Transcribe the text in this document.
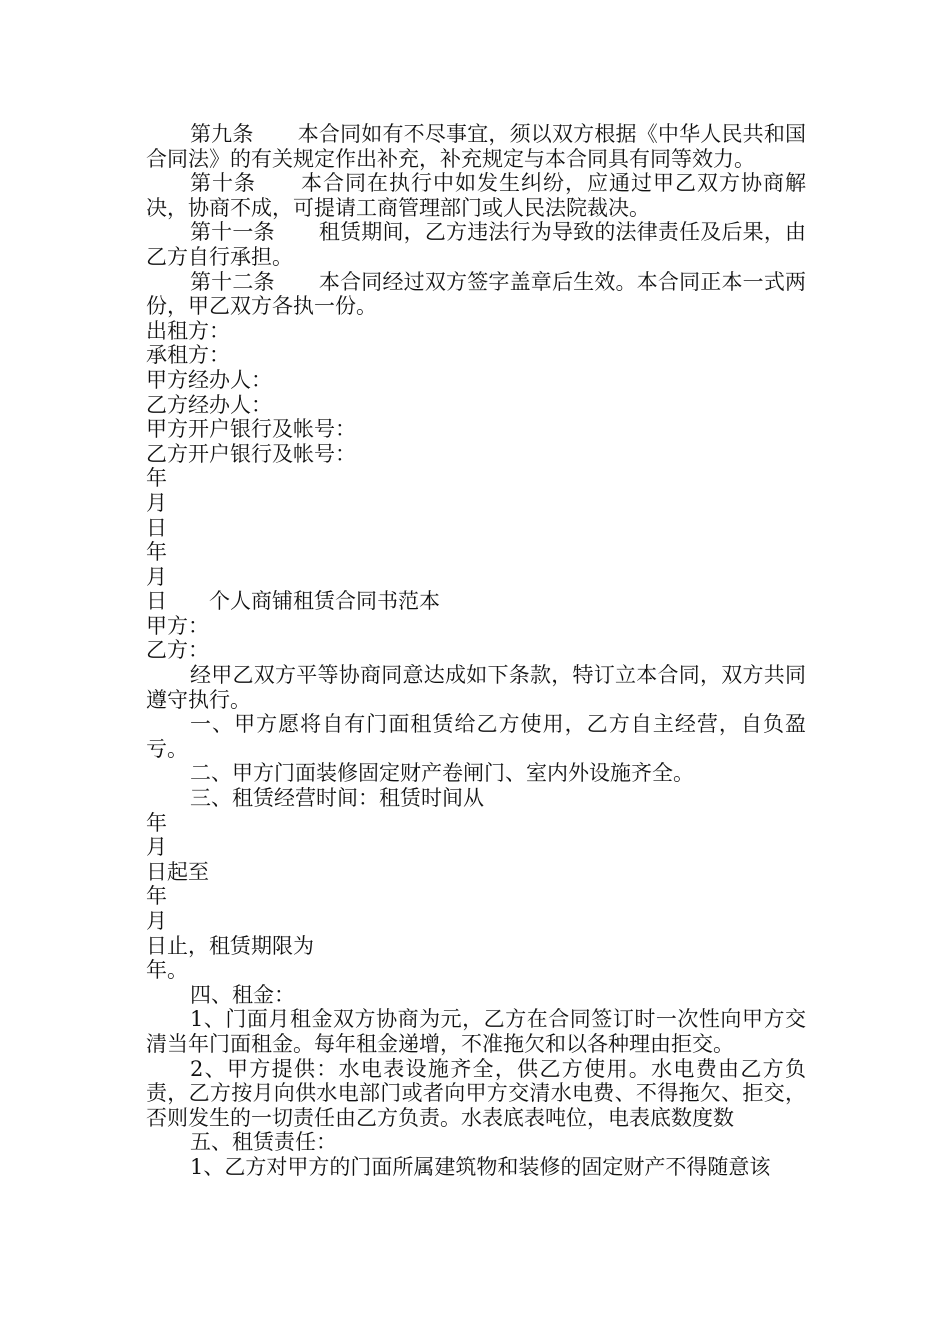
第九条 本合同如有不尽事宜，须以双方根据《中华人民共和国合同法》的有关规定作出补充，补充规定与本合同具有同等效力。

第十条 本合同在执行中如发生纠纷，应通过甲乙双方协商解决，协商不成，可提请工商管理部门或人民法院裁决。

第十一条 租赁期间，乙方违法行为导致的法律责任及后果，由乙方自行承担。

第十二条 本合同经过双方签字盖章后生效。本合同正本一式两份，甲乙双方各执一份。

出租方：

承租方：

甲方经办人：

乙方经办人：

甲方开户银行及帐号：

乙方开户银行及帐号：

年

月

日

年

月

日 个人商铺租赁合同书范本

甲方：

乙方：

经甲乙双方平等协商同意达成如下条款，特订立本合同，双方共同遵守执行。

一、甲方愿将自有门面租赁给乙方使用，乙方自主经营，自负盈亏。

二、甲方门面装修固定财产卷闸门、室内外设施齐全。

三、租赁经营时间：租赁时间从

年

月

日起至

年

月

日止，租赁期限为

年。

四、租金：

1、门面月租金双方协商为元，乙方在合同签订时一次性向甲方交清当年门面租金。每年租金递增，不准拖欠和以各种理由拒交。

2、甲方提供：水电表设施齐全，供乙方使用。水电费由乙方负责，乙方按月向供水电部门或者向甲方交清水电费、不得拖欠、拒交，否则发生的一切责任由乙方负责。水表底表吨位，电表底数度数

五、租赁责任：

1、乙方对甲方的门面所属建筑物和装修的固定财产不得随意该
